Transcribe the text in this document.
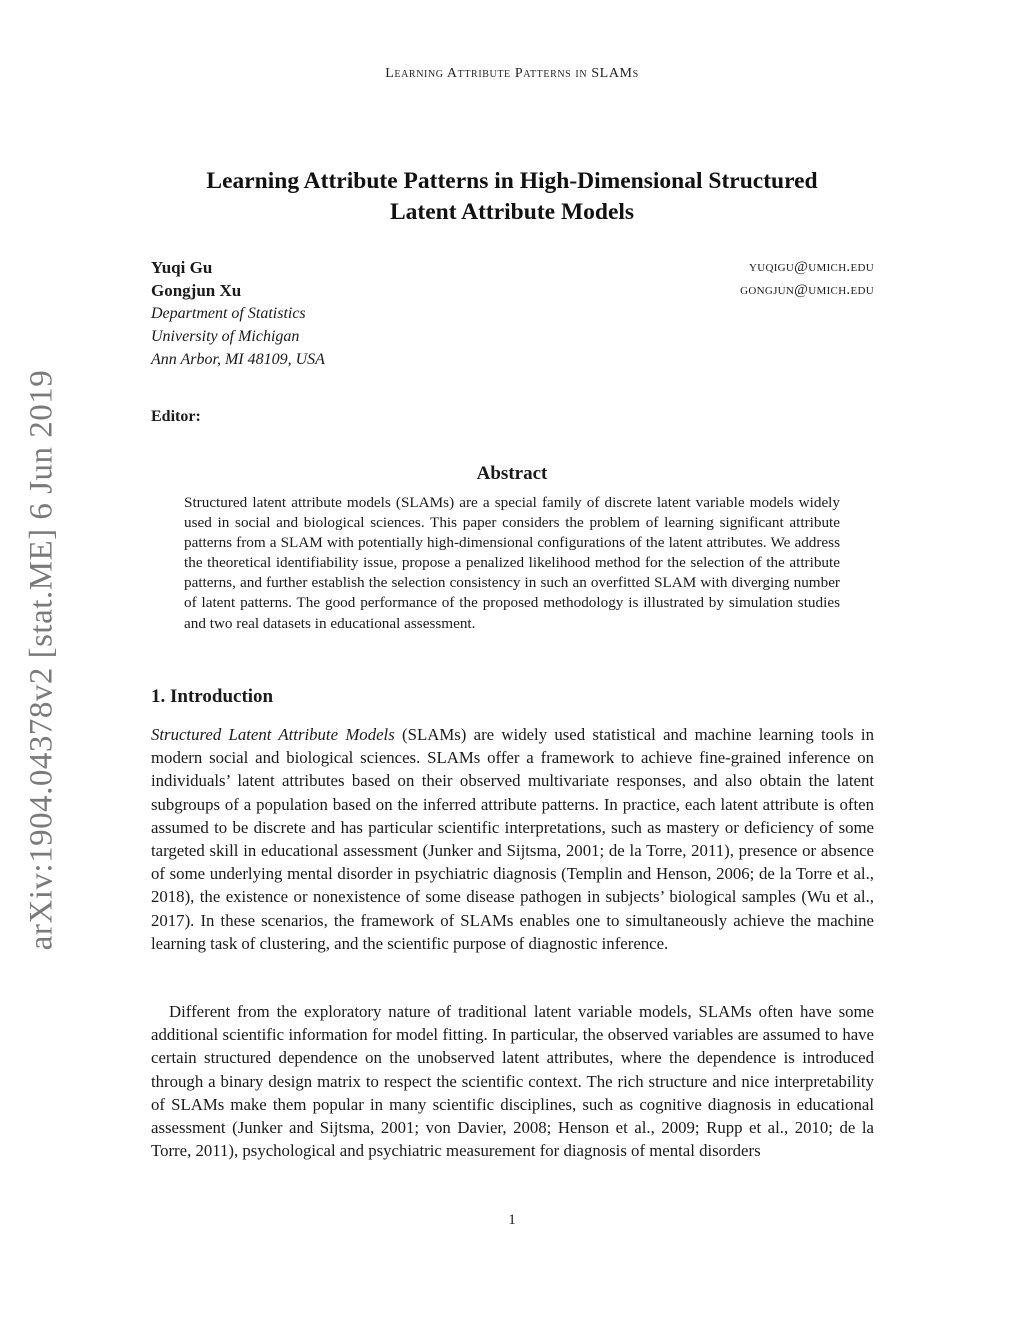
Learning Attribute Patterns in SLAMs
arXiv:1904.04378v2 [stat.ME] 6 Jun 2019
Learning Attribute Patterns in High-Dimensional Structured
Latent Attribute Models
Yuqi Gu	yuqigu@umich.edu
Gongjun Xu	gongjun@umich.edu
Department of Statistics
University of Michigan
Ann Arbor, MI 48109, USA
Editor:
Abstract
Structured latent attribute models (SLAMs) are a special family of discrete latent variable models widely used in social and biological sciences. This paper considers the problem of learning significant attribute patterns from a SLAM with potentially high-dimensional configurations of the latent attributes. We address the theoretical identifiability issue, propose a penalized likelihood method for the selection of the attribute patterns, and further establish the selection consistency in such an overfitted SLAM with diverging number of latent patterns. The good performance of the proposed methodology is illustrated by simulation studies and two real datasets in educational assessment.
1. Introduction

Structured Latent Attribute Models (SLAMs) are widely used statistical and machine learning tools in modern social and biological sciences. SLAMs offer a framework to achieve fine-grained inference on individuals’ latent attributes based on their observed multivariate responses, and also obtain the latent subgroups of a population based on the inferred attribute patterns. In practice, each latent attribute is often assumed to be discrete and has particular scientific interpretations, such as mastery or deficiency of some targeted skill in educational assessment (Junker and Sijtsma, 2001; de la Torre, 2011), presence or absence of some underlying mental disorder in psychiatric diagnosis (Templin and Henson, 2006; de la Torre et al., 2018), the existence or nonexistence of some disease pathogen in subjects’ biological samples (Wu et al., 2017). In these scenarios, the framework of SLAMs enables one to simultaneously achieve the machine learning task of clustering, and the scientific purpose of diagnostic inference.

Different from the exploratory nature of traditional latent variable models, SLAMs often have some additional scientific information for model fitting. In particular, the observed variables are assumed to have certain structured dependence on the unobserved latent attributes, where the dependence is introduced through a binary design matrix to respect the scientific context. The rich structure and nice interpretability of SLAMs make them popular in many scientific disciplines, such as cognitive diagnosis in educational assessment (Junker and Sijtsma, 2001; von Davier, 2008; Henson et al., 2009; Rupp et al., 2010; de la Torre, 2011), psychological and psychiatric measurement for diagnosis of mental disorders

1
